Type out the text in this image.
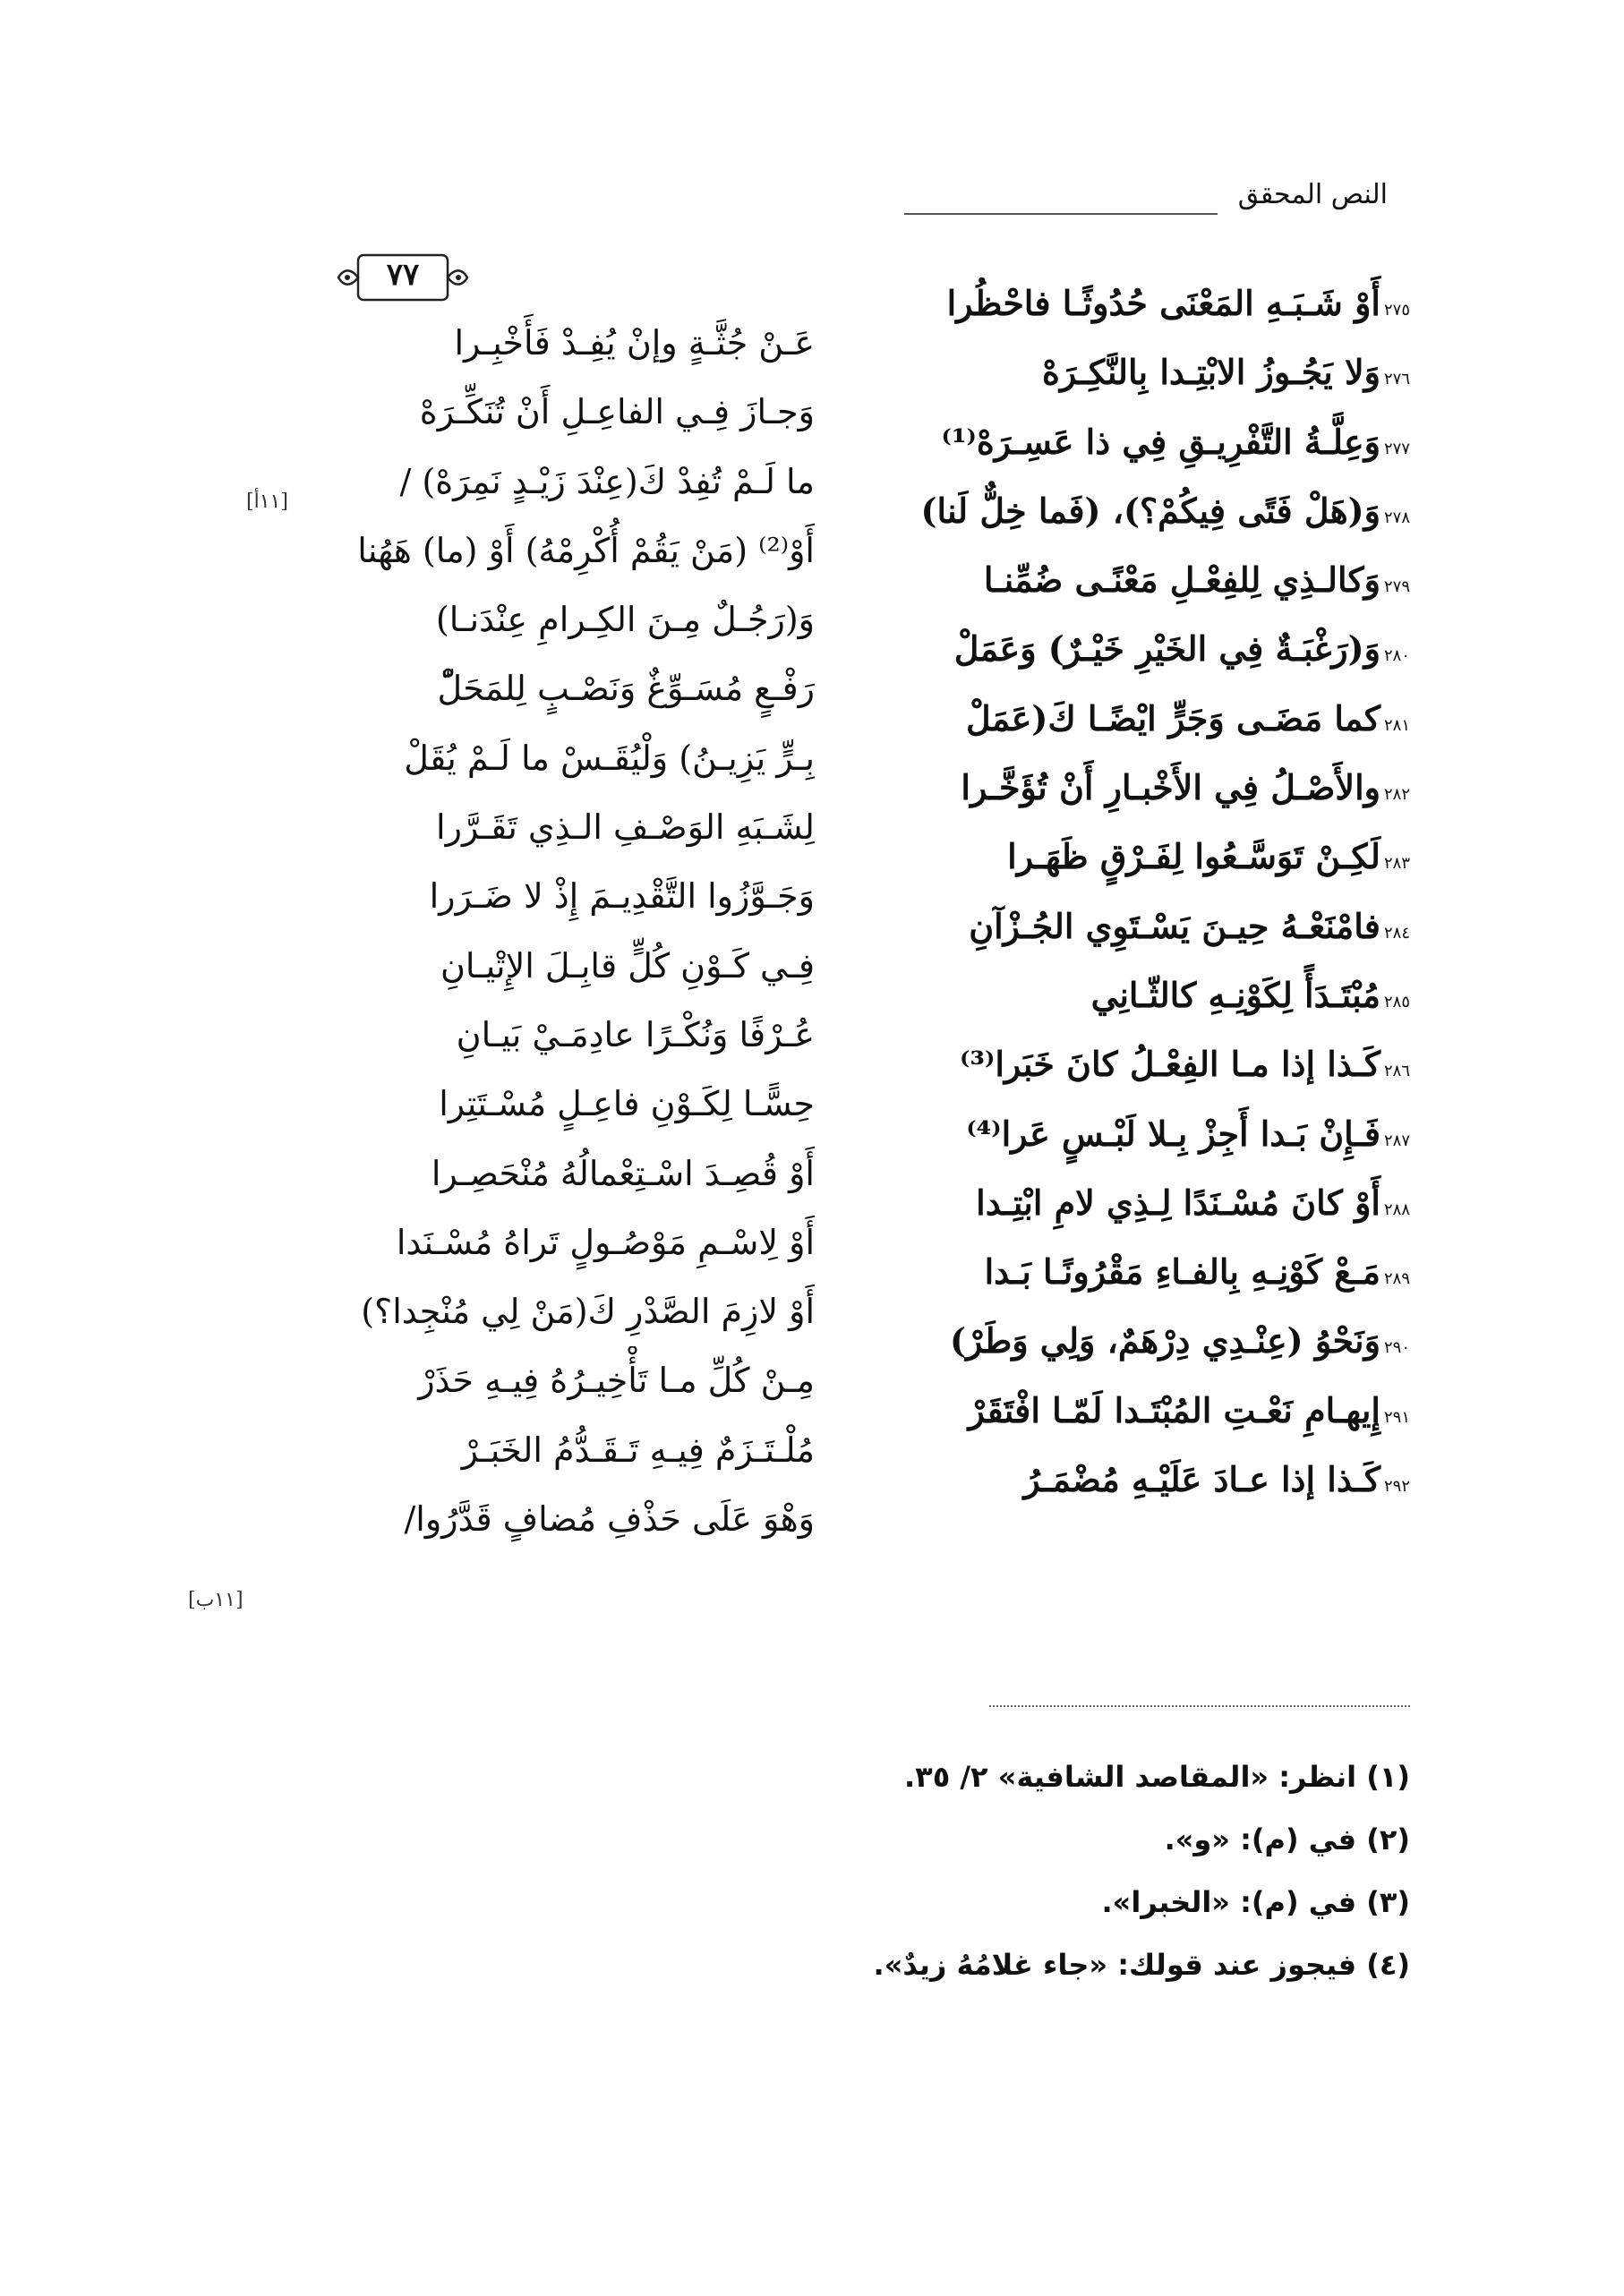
النص المحقق
٧٧
٢٧٥أَوْ شَـبَـهِ المَعْنَى حُدُوثًـا فاحْظُرا
٢٧٦وَلا يَجُـوزُ الابْتِـدا بِالنَّكِـرَهْ
٢٧٧وَعِلَّـةُ التَّفْرِيـقِ فِي ذا عَسِـرَهْ⁽¹⁾
٢٧٨وَ(هَلْ فَتًى فِيكُمْ؟)، (فَما خِلٌّ لَنا)
٢٧٩وَكالـذِي لِلفِعْـلِ مَعْنًـى ضُمِّنـا
٢٨٠وَ(رَغْبَـةٌ فِي الخَيْرِ خَيْـرٌ) وَعَمَلْ
٢٨١كما مَضَـى وَجَرٍّ ايْضًـا كَ(عَمَلْ
٢٨٢والأَصْـلُ فِي الأَخْبـارِ أَنْ تُؤَخَّـرا
٢٨٣لَكِـنْ تَوَسَّـعُوا لِفَـرْقٍ ظَهَـرا
٢٨٤فامْنَعْـهُ حِيـنَ يَسْـتَوِي الجُـزْآنِ
٢٨٥مُبْتَـدَأً لِكَوْنِـهِ كالثّـانِي
٢٨٦كَـذا إذا مـا الفِعْـلُ كانَ خَبَرا⁽³⁾
٢٨٧فَـإِنْ بَـدا أَجِزْ بِـلا لَبْـسٍ عَرا⁽⁴⁾
٢٨٨أَوْ كانَ مُسْـنَدًا لِـذِي لامِ ابْتِـدا
٢٨٩مَـعْ كَوْنِـهِ بِالفـاءِ مَقْرُونًـا بَـدا
٢٩٠وَنَحْوُ (عِنْـدِي دِرْهَمٌ، وَلِي وَطَرْ)
٢٩١إِيهـامِ نَعْـتِ المُبْتَـدا لَمّـا افْتَقَرْ
٢٩٢كَـذا إذا عـادَ عَلَيْـهِ مُضْمَـرُ
عَـنْ جُثَّـةٍ وإنْ يُفِـدْ فَأَخْبِـرا
وَجـازَ فِـي الفاعِـلِ أَنْ تُنَكِّـرَهْ
ما لَـمْ تُفِدْ كَ(عِنْدَ زَيْـدٍ نَمِرَهْ) /
أَوْ⁽²⁾ (مَنْ يَقُمْ أُكْرِمْهُ) أَوْ (ما) هَهُنا
وَ(رَجُـلٌ مِـنَ الكِـرامِ عِنْدَنـا)
رَفْـعٍ مُسَـوِّغٌ وَنَصْـبٍ لِلمَحَلّْ
بِـرٍّ يَزِيـنُ) وَلْيُقَـسْ ما لَـمْ يُقَلْ
لِشَـبَهِ الوَصْـفِ الـذِي تَقَـرَّرا
وَجَـوَّزُوا التَّقْدِيـمَ إِذْ لا ضَـرَرا
فِـي كَـوْنِ كُلٍّ قابِـلَ الإِتْيـانِ
عُـرْفًا وَنُكْـرًا عادِمَـيْ بَيـانِ
حِسًّـا لِكَـوْنِ فاعِـلٍ مُسْـتَتِرا
أَوْ قُصِـدَ اسْـتِعْمالُهُ مُنْحَصِـرا
أَوْ لِاسْـمِ مَوْصُـولٍ تَراهُ مُسْـنَدا
أَوْ لازِمَ الصَّدْرِ كَ(مَنْ لِي مُنْجِدا؟)
مِـنْ كُلِّ مـا تَأْخِيـرُهُ فِيـهِ حَذَرْ
مُلْـتَـزَمٌ فِيـهِ تَـقَـدُّمُ الخَبَـرْ
وَهْوَ عَلَى حَذْفِ مُضافٍ قَدَّرُوا/
[١١أ]
[١١ب]
(١) انظر: «المقاصد الشافية» ٢/ ٣٥.
(٢) في (م): «و».
(٣) في (م): «الخبرا».
(٤) فيجوز عند قولك: «جاء غلامُهُ زيدٌ».
